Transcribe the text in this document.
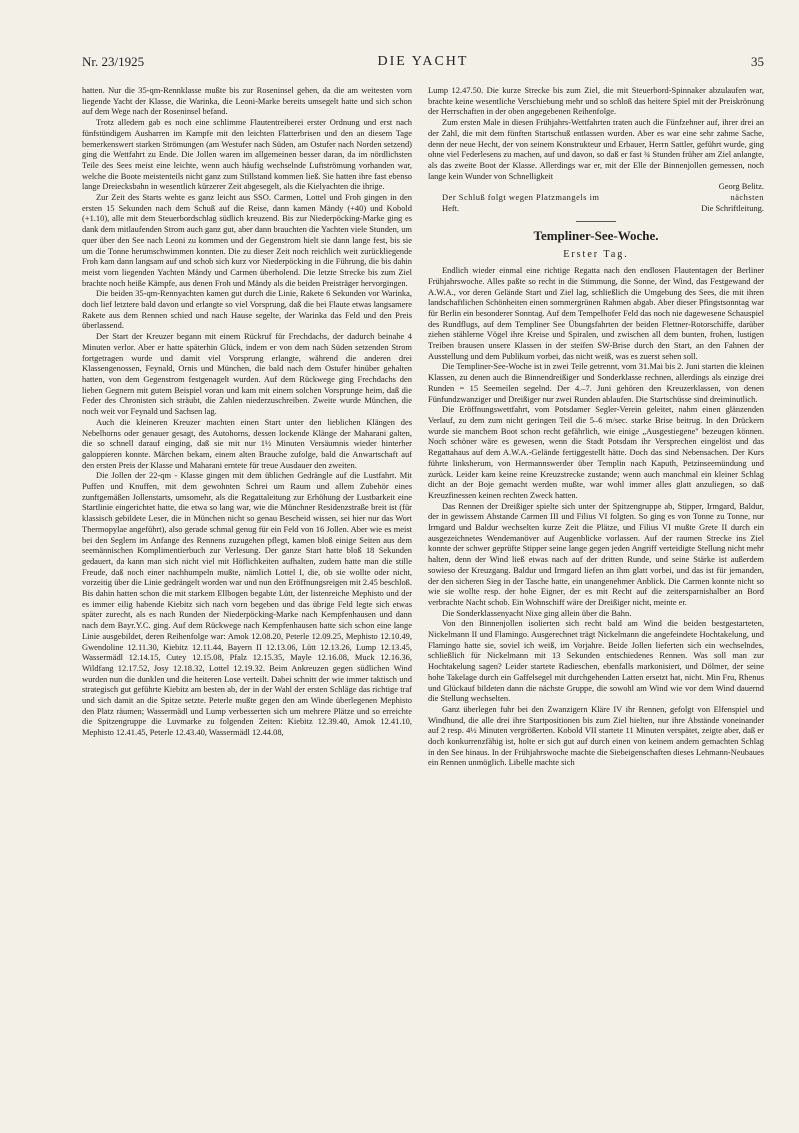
Nr. 23/1925	DIE YACHT	35

hatten. Nur die 35-qm-Rennklasse mußte bis zur Roseninsel gehen, da die am weitesten vorn liegende Yacht der Klasse, die Warinka, die Leoni-Marke bereits umsegelt hatte und sich schon auf dem Wege nach der Roseninsel befand.

Trotz alledem gab es noch eine schlimme Flautentreiberei erster Ordnung und erst nach fünfstündigem Ausharren im Kampfe mit den leichten Flatterbrisen und den an diesem Tage bemerkenswert starken Strömungen (am Westufer nach Süden, am Ostufer nach Norden setzend) ging die Wettfahrt zu Ende. Die Jollen waren im allgemeinen besser daran, da im nördlichsten Teile des Sees meist eine leichte, wenn auch häufig wechselnde Luftströmung vorhanden war, welche die Boote meistenteils nicht ganz zum Stillstand kommen ließ. Sie hatten ihre fast ebenso lange Dreiecksbahn in wesentlich kürzerer Zeit abgesegelt, als die Kielyachten die ihrige.

Zur Zeit des Starts wehte es ganz leicht aus SSO. Carmen, Lottel und Froh gingen in den ersten 15 Sekunden nach dem Schuß auf die Reise, dann kamen Mändy (+40) und Kobold (+1.10), alle mit dem Steuerbordschlag südlich kreuzend. Bis zur Niederpöcking-Marke ging es dank dem mitlaufenden Strom auch ganz gut, aber dann brauchten die Yachten viele Stunden, um quer über den See nach Leoni zu kommen und der Gegenstrom hielt sie dann lange fest, bis sie um die Tonne herumschwimmen konnten. Die zu dieser Zeit noch reichlich weit zurückliegende Froh kam dann langsam auf und schob sich kurz vor Niederpöcking in die Führung, die bis dahin meist vorn liegenden Yachten Mändy und Carmen überholend. Die letzte Strecke bis zum Ziel brachte noch heiße Kämpfe, aus denen Froh und Mändy als die beiden Preisträger hervorgingen.

Die beiden 35-qm-Rennyachten kamen gut durch die Linie, Rakete 6 Sekunden vor Warinka, doch lief letztere bald davon und erlangte so viel Vorsprung, daß die bei Flaute etwas langsamere Rakete aus dem Rennen schied und nach Hause segelte, der Warinka das Feld und den Preis überlassend.

Der Start der Kreuzer begann mit einem Rückruf für Frechdachs, der dadurch beinahe 4 Minuten verlor. Aber er hatte späterhin Glück, indem er von dem nach Süden setzenden Strom fortgetragen wurde und damit viel Vorsprung erlangte, während die anderen drei Klassengenossen, Feynald, Ornis und München, die bald nach dem Ostufer hinüber gehalten hatten, von dem Gegenstrom festgenagelt wurden. Auf dem Rückwege ging Frechdachs den lieben Gegnern mit gutem Beispiel voran und kam mit einem solchen Vorsprunge heim, daß die Feder des Chronisten sich sträubt, die Zahlen niederzuschreiben. Zweite wurde München, die noch weit vor Feynald und Sachsen lag.

Auch die kleineren Kreuzer machten einen Start unter den lieblichen Klängen des Nebelhorns oder genauer gesagt, des Autohorns, dessen lockende Klänge der Maharani galten, die so schnell darauf einging, daß sie mit nur 1½ Minuten Versäumnis wieder hinterher galoppieren konnte. Märchen bekam, einem alten Brauche zufolge, bald die Anwartschaft auf den ersten Preis der Klasse und Maharani erntete für treue Ausdauer den zweiten.

Die Jollen der 22-qm - Klasse gingen mit dem üblichen Gedrängle auf die Lustfahrt. Mit Puffen und Knuffen, mit dem gewohnten Schrei um Raum und allem Zubehör eines zunftgemäßen Jollenstarts, umsomehr, als die Regattaleitung zur Erhöhung der Lustbarkeit eine Startlinie eingerichtet hatte, die etwa so lang war, wie die Münchner Residenzstraße breit ist (für klassisch gebildete Leser, die in München nicht so genau Bescheid wissen, sei hier nur das Wort Thermopylae angeführt), also gerade schmal genug für ein Feld von 16 Jollen. Aber wie es meist bei den Seglern im Anfange des Rennens zuzugehen pflegt, kamen bloß einige Seiten aus dem seemännischen Komplimentierbuch zur Verlesung. Der ganze Start hatte bloß 18 Sekunden gedauert, da kann man sich nicht viel mit Höflichkeiten aufhalten, zudem hatte man die stille Freude, daß noch einer nachhumpeln mußte, nämlich Lottel I, die, ob sie wollte oder nicht, vorzeitig über die Linie gedrängelt worden war und nun den Eröffnungsreigen mit 2.45 beschloß. Bis dahin hatten schon die mit starkem Ellbogen begabte Lütt, der listenreiche Mephisto und der es immer eilig habende Kiebitz sich nach vorn begeben und das übrige Feld legte sich etwas später zurecht, als es nach Runden der Niederpöcking-Marke nach Kempfenhausen und dann nach dem Bayr.Y.C. ging. Auf dem Rückwege nach Kempfenhausen hatte sich schon eine lange Linie ausgebildet, deren Reihenfolge war: Amok 12.08.20, Peterle 12.09.25, Mephisto 12.10.49, Gwendoline 12.11.30, Kiebitz 12.11.44, Bayern II 12.13.06, Lütt 12.13.26, Lump 12.13.45, Wassermädl 12.14.15, Cutey 12.15.08, Pfalz 12.15.35, Mayle 12.16.08, Muck 12.16.36, Wildfang 12.17.52, Josy 12.18.32, Lottel 12.19.32. Beim Ankreuzen gegen südlichen Wind wurden nun die dunklen und die heiteren Lose verteilt. Dabei schnitt der wie immer taktisch und strategisch gut geführte Kiebitz am besten ab, der in der Wahl der ersten Schläge das richtige traf und sich damit an die Spitze setzte. Peterle mußte gegen den am Winde überlegenen Mephisto den Platz räumen; Wassermädl und Lump verbesserten sich um mehrere Plätze und so erreichte die Spitzengruppe die Luvmarke zu folgenden Zeiten: Kiebitz 12.39.40, Amok 12.41.10, Mephisto 12.41.45, Peterle 12.43.40, Wassermädl 12.44.08,

Lump 12.47.50. Die kurze Strecke bis zum Ziel, die mit Steuerbord-Spinnaker abzulaufen war, brachte keine wesentliche Verschiebung mehr und so schloß das heitere Spiel mit der Preiskrönung der Herrschaften in der oben angegebenen Reihenfolge.

Zum ersten Male in diesen Frühjahrs-Wettfahrten traten auch die Fünfzehner auf, ihrer drei an der Zahl, die mit dem fünften Startschuß entlassen wurden. Aber es war eine sehr zahme Sache, denn der neue Hecht, der von seinem Konstrukteur und Erbauer, Herrn Sattler, geführt wurde, ging ohne viel Federlesens zu machen, auf und davon, so daß er fast ¾ Stunden früher am Ziel anlangte, als das zweite Boot der Klasse. Allerdings war er, mit der Elle der Binnenjollen gemessen, noch lange kein Wunder von Schnelligkeit

Georg Belitz.

Der Schluß folgt wegen Platzmangels im	nächsten

Heft.	Die Schriftleitung.

Templiner-See-Woche.
Erster Tag.

Endlich wieder einmal eine richtige Regatta nach den endlosen Flautentagen der Berliner Frühjahrswoche. Alles paßte so recht in die Stimmung, die Sonne, der Wind, das Festgewand der A.W.A., vor deren Gelände Start und Ziel lag, schließlich die Umgebung des Sees, die mit ihren landschaftlichen Schönheiten einen sommergrünen Rahmen abgab. Aber dieser Pfingstsonntag war für Berlin ein besonderer Sonntag. Auf dem Tempelhofer Feld das noch nie dagewesene Schauspiel des Rundflugs, auf dem Templiner See Übungsfahrten der beiden Flettner-Rotorschiffe, darüber ziehen stählerne Vögel ihre Kreise und Spiralen, und zwischen all dem bunten, frohen, lustigen Treiben brausen unsere Klassen in der steifen SW-Brise durch den Start, an den Fahnen der Ausstellung und dem Publikum vorbei, das nicht weiß, was es zuerst sehen soll.

Die Templiner-See-Woche ist in zwei Teile getrennt, vom 31.Mai bis 2. Juni starten die kleinen Klassen, zu denen auch die Binnendreißiger und Sonderklasse rechnen, allerdings als einzige drei Runden = 15 Seemeilen segelnd. Der 4.–7. Juni gehören den Kreuzerklassen, von denen Fünfundzwanziger und Dreißiger nur zwei Runden ablaufen. Die Startschüsse sind dreiminutlich.

Die Eröffnungswettfahrt, vom Potsdamer Segler-Verein geleitet, nahm einen glänzenden Verlauf, zu dem zum nicht geringen Teil die 5–6 m/sec. starke Brise beitrug. In den Drückern wurde sie manchem Boot schon recht gefährlich, wie einige „Ausgestiegene" bezeugen können. Noch schöner wäre es gewesen, wenn die Stadt Potsdam ihr Versprechen eingelöst und das Regattahaus auf dem A.W.A.-Gelände fertiggestellt hätte. Doch das sind Nebensachen. Der Kurs führte linksherum, von Hermannswerder über Templin nach Kaputh, Petzinseemündung und zurück. Leider kam keine reine Kreuzstrecke zustande; wenn auch manchmal ein kleiner Schlag dicht an der Boje gemacht werden mußte, war wohl immer alles glatt anzuliegen, so daß Kreuzfinessen keinen rechten Zweck hatten.

Das Rennen der Dreißiger spielte sich unter der Spitzengruppe ab, Stipper, Irmgard, Baldur, der in gewissem Abstande Carmen III und Filius VI folgten. So ging es von Tonne zu Tonne, nur Irmgard und Baldur wechselten kurze Zeit die Plätze, und Filius VI mußte Grete II durch ein ausgezeichnetes Wendemanöver auf Augenblicke vorlassen. Auf der raumen Strecke ins Ziel konnte der schwer geprüfte Stipper seine lange gegen jeden Angriff verteidigte Stellung nicht mehr halten, denn der Wind ließ etwas nach auf der dritten Runde, und seine Stärke ist außerdem sowieso der Kreuzgang. Baldur und Irmgard liefen an ihm glatt vorbei, und das ist für jemanden, der den sicheren Sieg in der Tasche hatte, ein unangenehmer Anblick. Die Carmen konnte nicht so wie sie wollte resp. der hohe Eigner, der es mit Recht auf die zeitersparnishalber an Bord verbrachte Nacht schob. Ein Wohnschiff wäre der Dreißiger nicht, meinte er.

Die Sonderklassenyacht Nixe ging allein über die Bahn.

Von den Binnenjollen isolierten sich recht bald am Wind die beiden bestgestarteten, Nickelmann II und Flamingo. Ausgerechnet trägt Nickelmann die angefeindete Hochtakelung, und Flamingo hatte sie, soviel ich weiß, im Vorjahre. Beide Jollen lieferten sich ein wechselndes, schließlich für Nickelmann mit 13 Sekunden entschiedenes Rennen. Was soll man zur Hochtakelung sagen? Leider startete Radieschen, ebenfalls markonisiert, und Dölmer, der seine hohe Takelage durch ein Gaffelsegel mit durchgehenden Latten ersetzt hat, nicht. Min Fru, Rhenus und Glückauf bildeten dann die nächste Gruppe, die sowohl am Wind wie vor dem Wind dauernd die Stellung wechselten.

Ganz überlegen fuhr bei den Zwanzigern Kläre IV ihr Rennen, gefolgt von Elfenspiel und Windhund, die alle drei ihre Startpositionen bis zum Ziel hielten, nur ihre Abstände voneinander auf 2 resp. 4½ Minuten vergrößerten. Kobold VII startete 11 Minuten verspätet, zeigte aber, daß er doch konkurrenzfähig ist, holte er sich gut auf durch einen von keinem andern gemachten Schlag in den See hinaus. In der Frühjahrswoche machte die Siebeigenschaften dieses Lehmann-Neubaues ein Rennen unmöglich. Libelle machte sich
